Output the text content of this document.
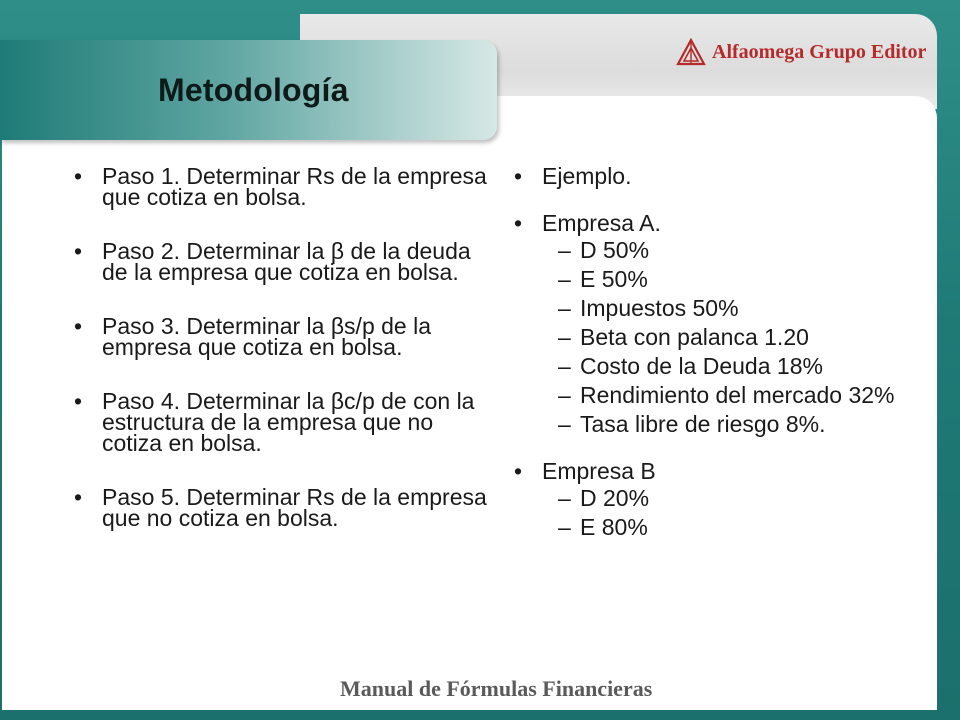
Alfaomega Grupo Editor
Metodología
• Paso 1. Determinar Rs de la empresa que cotiza en bolsa.
• Paso 2. Determinar la β de la deuda de la empresa que cotiza en bolsa.
• Paso 3. Determinar la βs/p de la empresa que cotiza en bolsa.
• Paso 4. Determinar la βc/p de con la estructura de la empresa que no cotiza en bolsa.
• Paso 5. Determinar Rs de la empresa que no cotiza en bolsa.
• Ejemplo.
• Empresa A.
– D 50%
– E 50%
– Impuestos 50%
– Beta con palanca 1.20
– Costo de la Deuda 18%
– Rendimiento del mercado 32%
– Tasa libre de riesgo 8%.
• Empresa B
– D 20%
– E 80%
Manual de Fórmulas Financieras
